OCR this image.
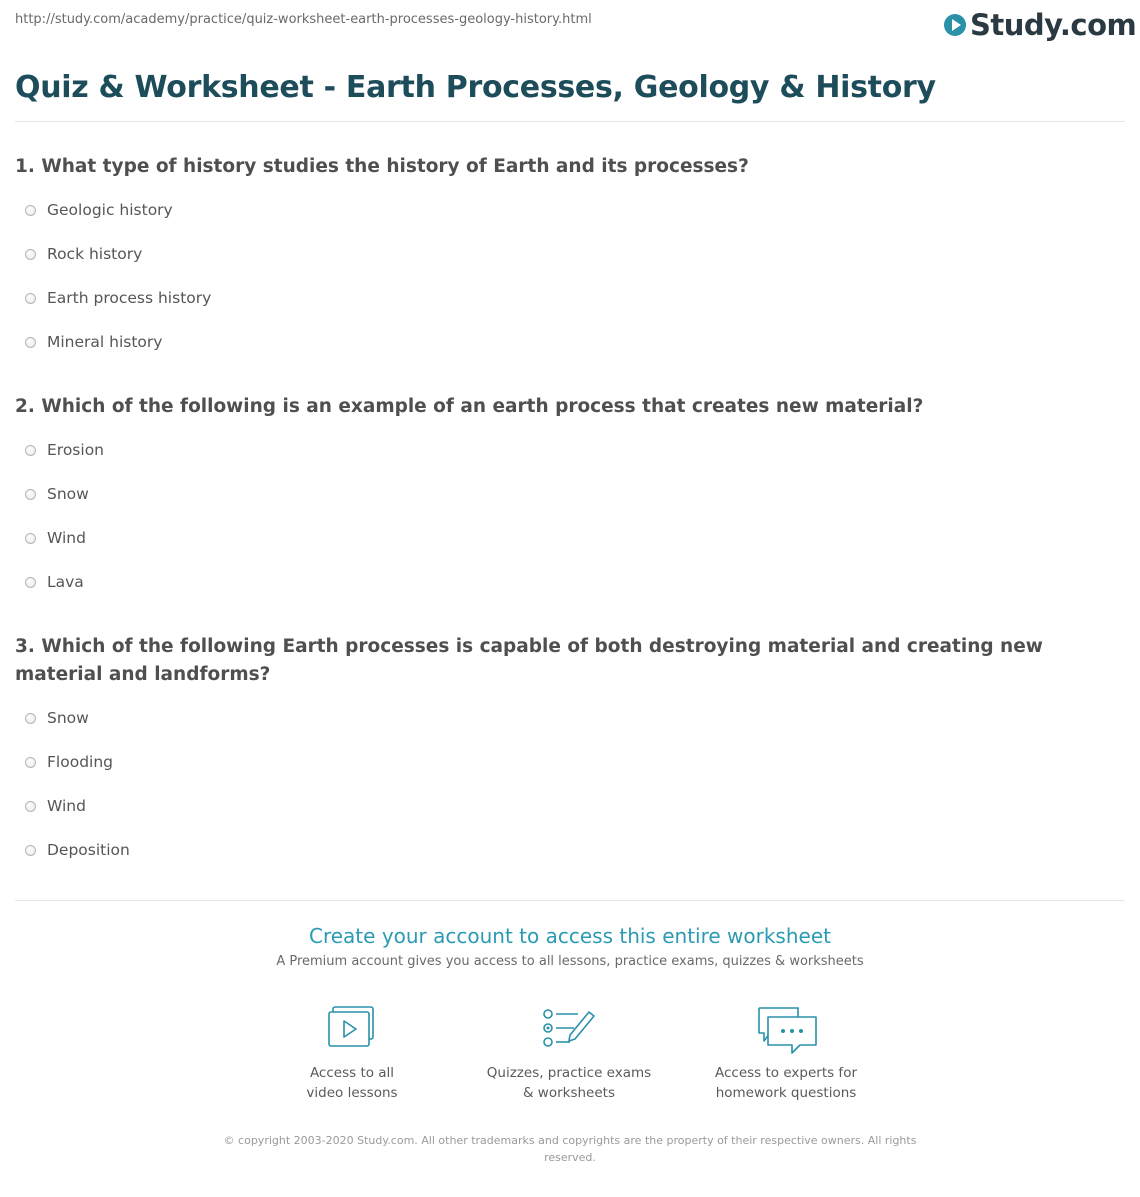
http://study.com/academy/practice/quiz-worksheet-earth-processes-geology-history.html	Study.com
Quiz & Worksheet - Earth Processes, Geology & History
1. What type of history studies the history of Earth and its processes?
Geologic history
Rock history
Earth process history
Mineral history
2. Which of the following is an example of an earth process that creates new material?
Erosion
Snow
Wind
Lava
3. Which of the following Earth processes is capable of both destroying material and creating new material and landforms?
Snow
Flooding
Wind
Deposition
Create your account to access this entire worksheet
A Premium account gives you access to all lessons, practice exams, quizzes & worksheets
Access to all
video lessons
Quizzes, practice exams
& worksheets
Access to experts for
homework questions
© copyright 2003-2020 Study.com. All other trademarks and copyrights are the property of their respective owners. All rights
reserved.
